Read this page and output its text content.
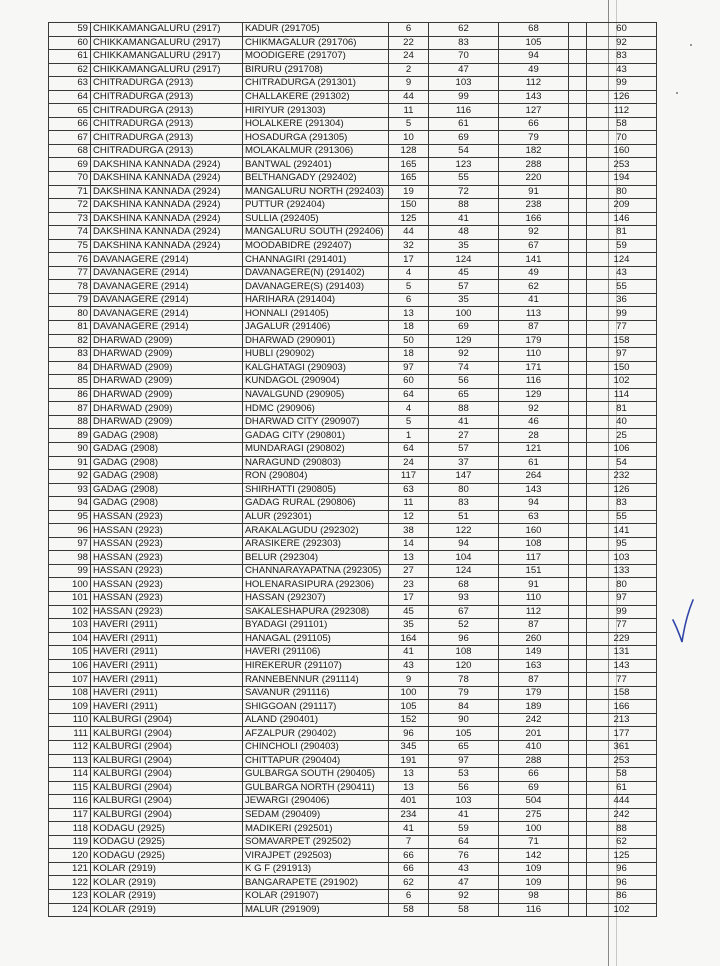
59	CHIKKAMANGALURU (2917)	KADUR (291705)	6	62	68		60
60	CHIKKAMANGALURU (2917)	CHIKMAGALUR (291706)	22	83	105		92
61	CHIKKAMANGALURU (2917)	MOODIGERE (291707)	24	70	94		83
62	CHIKKAMANGALURU (2917)	BIRURU (291708)	2	47	49		43
63	CHITRADURGA (2913)	CHITRADURGA (291301)	9	103	112		99
64	CHITRADURGA (2913)	CHALLAKERE (291302)	44	99	143		126
65	CHITRADURGA (2913)	HIRIYUR (291303)	11	116	127		112
66	CHITRADURGA (2913)	HOLALKERE (291304)	5	61	66		58
67	CHITRADURGA (2913)	HOSADURGA (291305)	10	69	79		70
68	CHITRADURGA (2913)	MOLAKALMUR (291306)	128	54	182		160
69	DAKSHINA KANNADA (2924)	BANTWAL (292401)	165	123	288		253
70	DAKSHINA KANNADA (2924)	BELTHANGADY (292402)	165	55	220		194
71	DAKSHINA KANNADA (2924)	MANGALURU NORTH (292403)	19	72	91		80
72	DAKSHINA KANNADA (2924)	PUTTUR (292404)	150	88	238		209
73	DAKSHINA KANNADA (2924)	SULLIA (292405)	125	41	166		146
74	DAKSHINA KANNADA (2924)	MANGALURU SOUTH (292406)	44	48	92		81
75	DAKSHINA KANNADA (2924)	MOODABIDRE (292407)	32	35	67		59
76	DAVANAGERE (2914)	CHANNAGIRI (291401)	17	124	141		124
77	DAVANAGERE (2914)	DAVANAGERE(N) (291402)	4	45	49		43
78	DAVANAGERE (2914)	DAVANAGERE(S) (291403)	5	57	62		55
79	DAVANAGERE (2914)	HARIHARA (291404)	6	35	41		36
80	DAVANAGERE (2914)	HONNALI (291405)	13	100	113		99
81	DAVANAGERE (2914)	JAGALUR (291406)	18	69	87		77
82	DHARWAD (2909)	DHARWAD (290901)	50	129	179		158
83	DHARWAD (2909)	HUBLI (290902)	18	92	110		97
84	DHARWAD (2909)	KALGHATAGI (290903)	97	74	171		150
85	DHARWAD (2909)	KUNDAGOL (290904)	60	56	116		102
86	DHARWAD (2909)	NAVALGUND (290905)	64	65	129		114
87	DHARWAD (2909)	HDMC (290906)	4	88	92		81
88	DHARWAD (2909)	DHARWAD CITY (290907)	5	41	46		40
89	GADAG (2908)	GADAG CITY (290801)	1	27	28		25
90	GADAG (2908)	MUNDARAGI (290802)	64	57	121		106
91	GADAG (2908)	NARAGUND (290803)	24	37	61		54
92	GADAG (2908)	RON (290804)	117	147	264		232
93	GADAG (2908)	SHIRHATTI (290805)	63	80	143		126
94	GADAG (2908)	GADAG RURAL (290806)	11	83	94		83
95	HASSAN (2923)	ALUR (292301)	12	51	63		55
96	HASSAN (2923)	ARAKALAGUDU (292302)	38	122	160		141
97	HASSAN (2923)	ARASIKERE (292303)	14	94	108		95
98	HASSAN (2923)	BELUR (292304)	13	104	117		103
99	HASSAN (2923)	CHANNARAYAPATNA (292305)	27	124	151		133
100	HASSAN (2923)	HOLENARASIPURA (292306)	23	68	91		80
101	HASSAN (2923)	HASSAN (292307)	17	93	110		97
102	HASSAN (2923)	SAKALESHAPURA (292308)	45	67	112		99
103	HAVERI (2911)	BYADAGI (291101)	35	52	87		77
104	HAVERI (2911)	HANAGAL (291105)	164	96	260		229
105	HAVERI (2911)	HAVERI (291106)	41	108	149		131
106	HAVERI (2911)	HIREKERUR (291107)	43	120	163		143
107	HAVERI (2911)	RANNEBENNUR (291114)	9	78	87		77
108	HAVERI (2911)	SAVANUR (291116)	100	79	179		158
109	HAVERI (2911)	SHIGGOAN (291117)	105	84	189		166
110	KALBURGI (2904)	ALAND (290401)	152	90	242		213
111	KALBURGI (2904)	AFZALPUR (290402)	96	105	201		177
112	KALBURGI (2904)	CHINCHOLI (290403)	345	65	410		361
113	KALBURGI (2904)	CHITTAPUR (290404)	191	97	288		253
114	KALBURGI (2904)	GULBARGA SOUTH (290405)	13	53	66		58
115	KALBURGI (2904)	GULBARGA NORTH (290411)	13	56	69		61
116	KALBURGI (2904)	JEWARGI (290406)	401	103	504		444
117	KALBURGI (2904)	SEDAM (290409)	234	41	275		242
118	KODAGU (2925)	MADIKERI (292501)	41	59	100		88
119	KODAGU (2925)	SOMAVARPET (292502)	7	64	71		62
120	KODAGU (2925)	VIRAJPET (292503)	66	76	142		125
121	KOLAR (2919)	K G F (291913)	66	43	109		96
122	KOLAR (2919)	BANGARAPETE (291902)	62	47	109		96
123	KOLAR (2919)	KOLAR (291907)	6	92	98		86
124	KOLAR (2919)	MALUR (291909)	58	58	116		102
